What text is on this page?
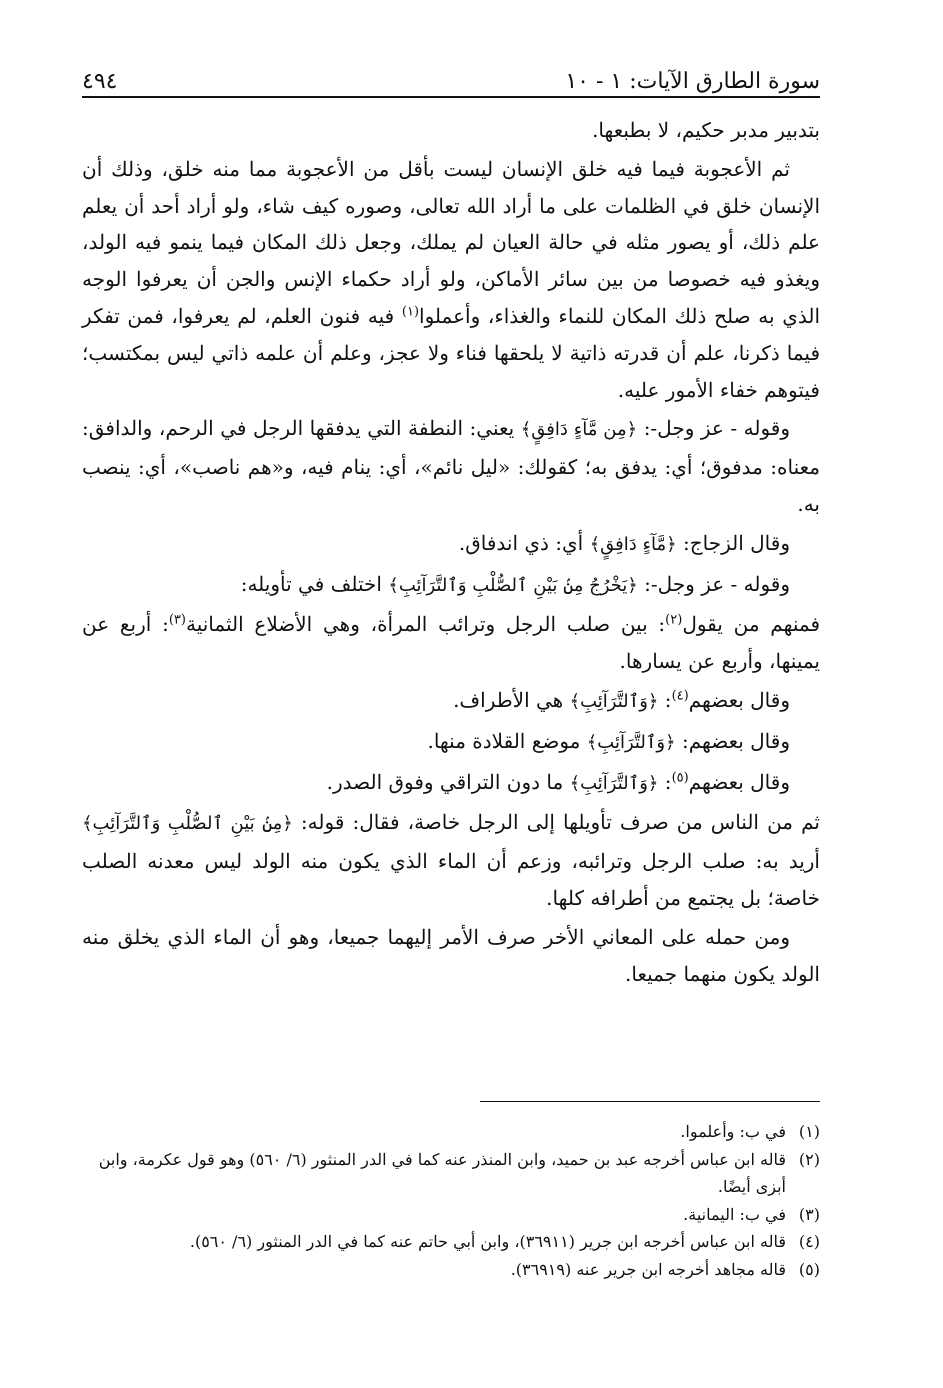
سورة الطارق الآيات: ١ - ١٠
٤٩٤

بتدبير مدبر حكيم، لا بطبعها.

ثم الأعجوبة فيما فيه خلق الإنسان ليست بأقل من الأعجوبة مما منه خلق، وذلك أن الإنسان خلق في الظلمات على ما أراد الله تعالى، وصوره كيف شاء، ولو أراد أحد أن يعلم علم ذلك، أو يصور مثله في حالة العيان لم يملك، وجعل ذلك المكان فيما ينمو فيه الولد، ويغذو فيه خصوصا من بين سائر الأماكن، ولو أراد حكماء الإنس والجن أن يعرفوا الوجه الذي به صلح ذلك المكان للنماء والغذاء، وأعملوا$^{(١)}$ فيه فنون العلم، لم يعرفوا، فمن تفكر فيما ذكرنا، علم أن قدرته ذاتية لا يلحقها فناء ولا عجز، وعلم أن علمه ذاتي ليس بمكتسب؛ فيتوهم خفاء الأمور عليه.

وقوله - عز وجل-: ﴿مِن مَّآءٍ دَافِقٍ﴾ يعني: النطفة التي يدفقها الرجل في الرحم، والدافق: معناه: مدفوق؛ أي: يدفق به؛ كقولك: «ليل نائم»، أي: ينام فيه، و«هم ناصب»، أي: ينصب به.

وقال الزجاج: ﴿مَّآءٍ دَافِقٍ﴾ أي: ذي اندفاق.

وقوله - عز وجل-: ﴿يَخْرُجُ مِنۢ بَيْنِ ٱلصُّلْبِ وَٱلتَّرَآئِبِ﴾ اختلف في تأويله:

فمنهم من يقول$^{(٢)}$: بين صلب الرجل وترائب المرأة، وهي الأضلاع الثمانية$^{(٣)}$: أربع عن يمينها، وأربع عن يسارها.

وقال بعضهم$^{(٤)}$: ﴿وَٱلتَّرَآئِبِ﴾ هي الأطراف.

وقال بعضهم: ﴿وَٱلتَّرَآئِبِ﴾ موضع القلادة منها.

وقال بعضهم$^{(٥)}$: ﴿وَٱلتَّرَآئِبِ﴾ ما دون التراقي وفوق الصدر.

ثم من الناس من صرف تأويلها إلى الرجل خاصة، فقال: قوله: ﴿مِنۢ بَيْنِ ٱلصُّلْبِ وَٱلتَّرَآئِبِ﴾ أريد به: صلب الرجل وترائبه، وزعم أن الماء الذي يكون منه الولد ليس معدنه الصلب خاصة؛ بل يجتمع من أطرافه كلها.

ومن حمله على المعاني الأخر صرف الأمر إليهما جميعا، وهو أن الماء الذي يخلق منه الولد يكون منهما جميعا.

(١)
في ب: وأعلموا.
(٢)
قاله ابن عباس أخرجه عبد بن حميد، وابن المنذر عنه كما في الدر المنثور (٦/ ٥٦٠) وهو قول عكرمة، وابن أبزى أيضًا.
(٣)
في ب: اليمانية.
(٤)
قاله ابن عباس أخرجه ابن جرير (٣٦٩١١)، وابن أبي حاتم عنه كما في الدر المنثور (٦/ ٥٦٠).
(٥)
قاله مجاهد أخرجه ابن جرير عنه (٣٦٩١٩).
